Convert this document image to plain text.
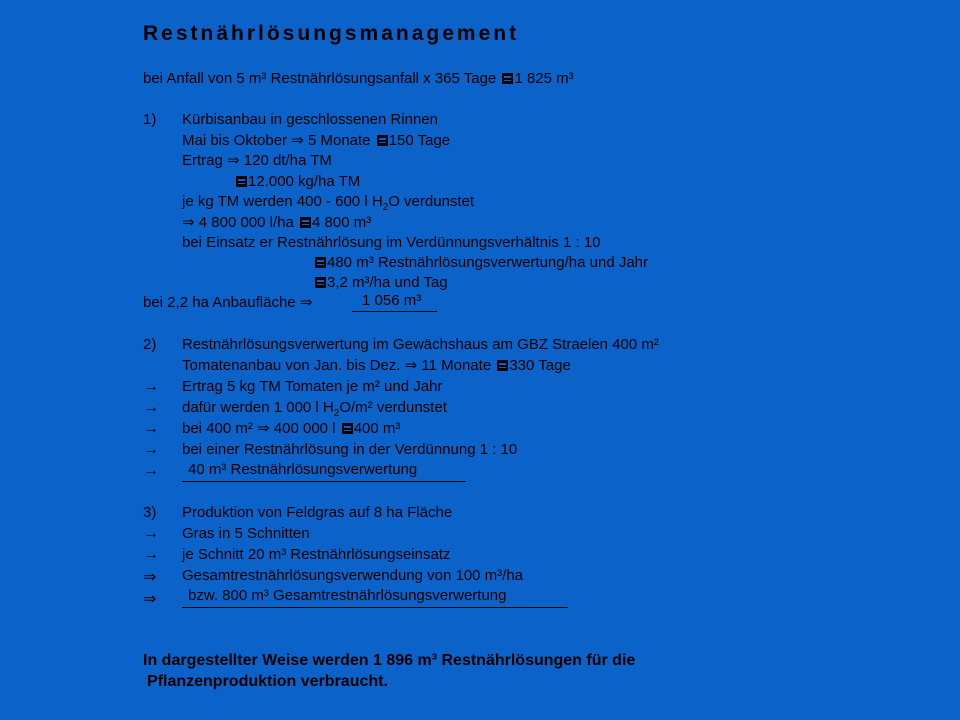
Restnährlösungsmanagement
bei Anfall von 5 m³ Restnährlösungsanfall x 365 Tage 1 825 m³
1) Kürbisanbau in geschlossenen Rinnen
Mai bis Oktober ⇒ 5 Monate 150 Tage
Ertrag ⇒ 120 dt/ha TM
12.000 kg/ha TM
je kg TM werden 400 - 600 l $H_2O$ verdunstet
⇒ 4 800 000 l/ha 4 800 m³
bei Einsatz er Restnährlösung im Verdünnungsverhältnis 1 : 10
480 m³ Restnährlösungsverwertung/ha und Jahr
3,2 m³/ha und Tag
bei 2,2 ha Anbaufläche ⇒	1 056 m³
2) Restnährlösungsverwertung im Gewächshaus am GBZ Straelen 400 m²
Tomatenanbau von Jan. bis Dez. ⇒ 11 Monate 330 Tage
→ Ertrag 5 kg TM Tomaten je m² und Jahr
→ dafür werden 1 000 l $H_2O/m^2$ verdunstet
→ bei 400 m² ⇒ 400 000 l 400 m³
→ bei einer Restnährlösung in der Verdünnung 1 : 10
→ 40 m³ Restnährlösungsverwertung
3) Produktion von Feldgras auf 8 ha Fläche
→ Gras in 5 Schnitten
→ je Schnitt 20 m³ Restnährlösungseinsatz
⇒ Gesamtrestnährlösungsverwendung von 100 m³/ha
⇒ bzw. 800 m³ Gesamtrestnährlösungsverwertung
In dargestellter Weise werden 1 896 m³ Restnährlösungen für die
Pflanzenproduktion verbraucht.
